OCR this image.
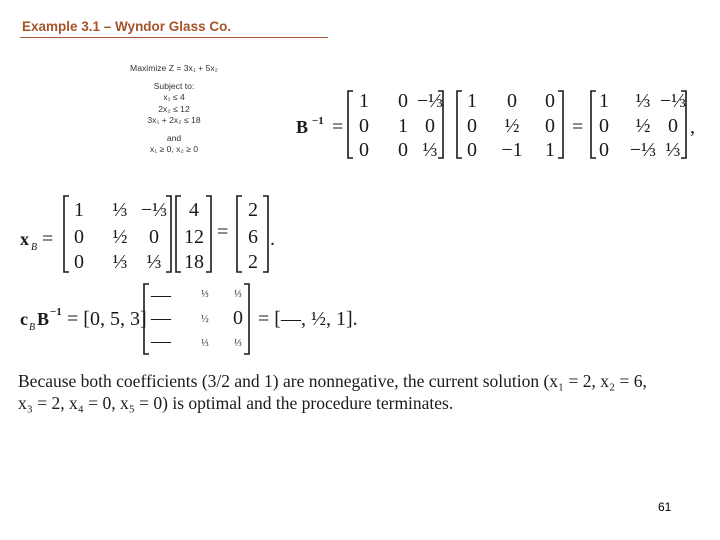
Example 3.1 – Wyndor Glass Co.
Maximize Z = 3x₁ + 5x₂
Subject to:
x₁ ≤ 4
2x₂ ≤ 12
3x₁ + 2x₂ ≤ 18
and
x₁ ≥ 0, x₂ ≥ 0
B −1 =
1 0 −⅓
0 1 0
0 0 ⅓
1 0 0
0 ½ 0
0 −1 1
=
1 ⅓ −⅓
0 ½ 0
0 −⅓ ⅓
,
x B =
1 ⅓ −⅓
0 ½ 0
0 ⅓ ⅓
4
12
18
=
2
6
2
.
c B B −1 = [0, 5, 3]
—	⅓	⅓
—	½ 0
—	⅓	⅓
= [—, ½, 1].
Because both coefficients (3/2 and 1) are nonnegative, the current solution (x₁ = 2, x₂ = 6,
x₃ = 2, x₄ = 0, x₅ = 0) is optimal and the procedure terminates.
61
